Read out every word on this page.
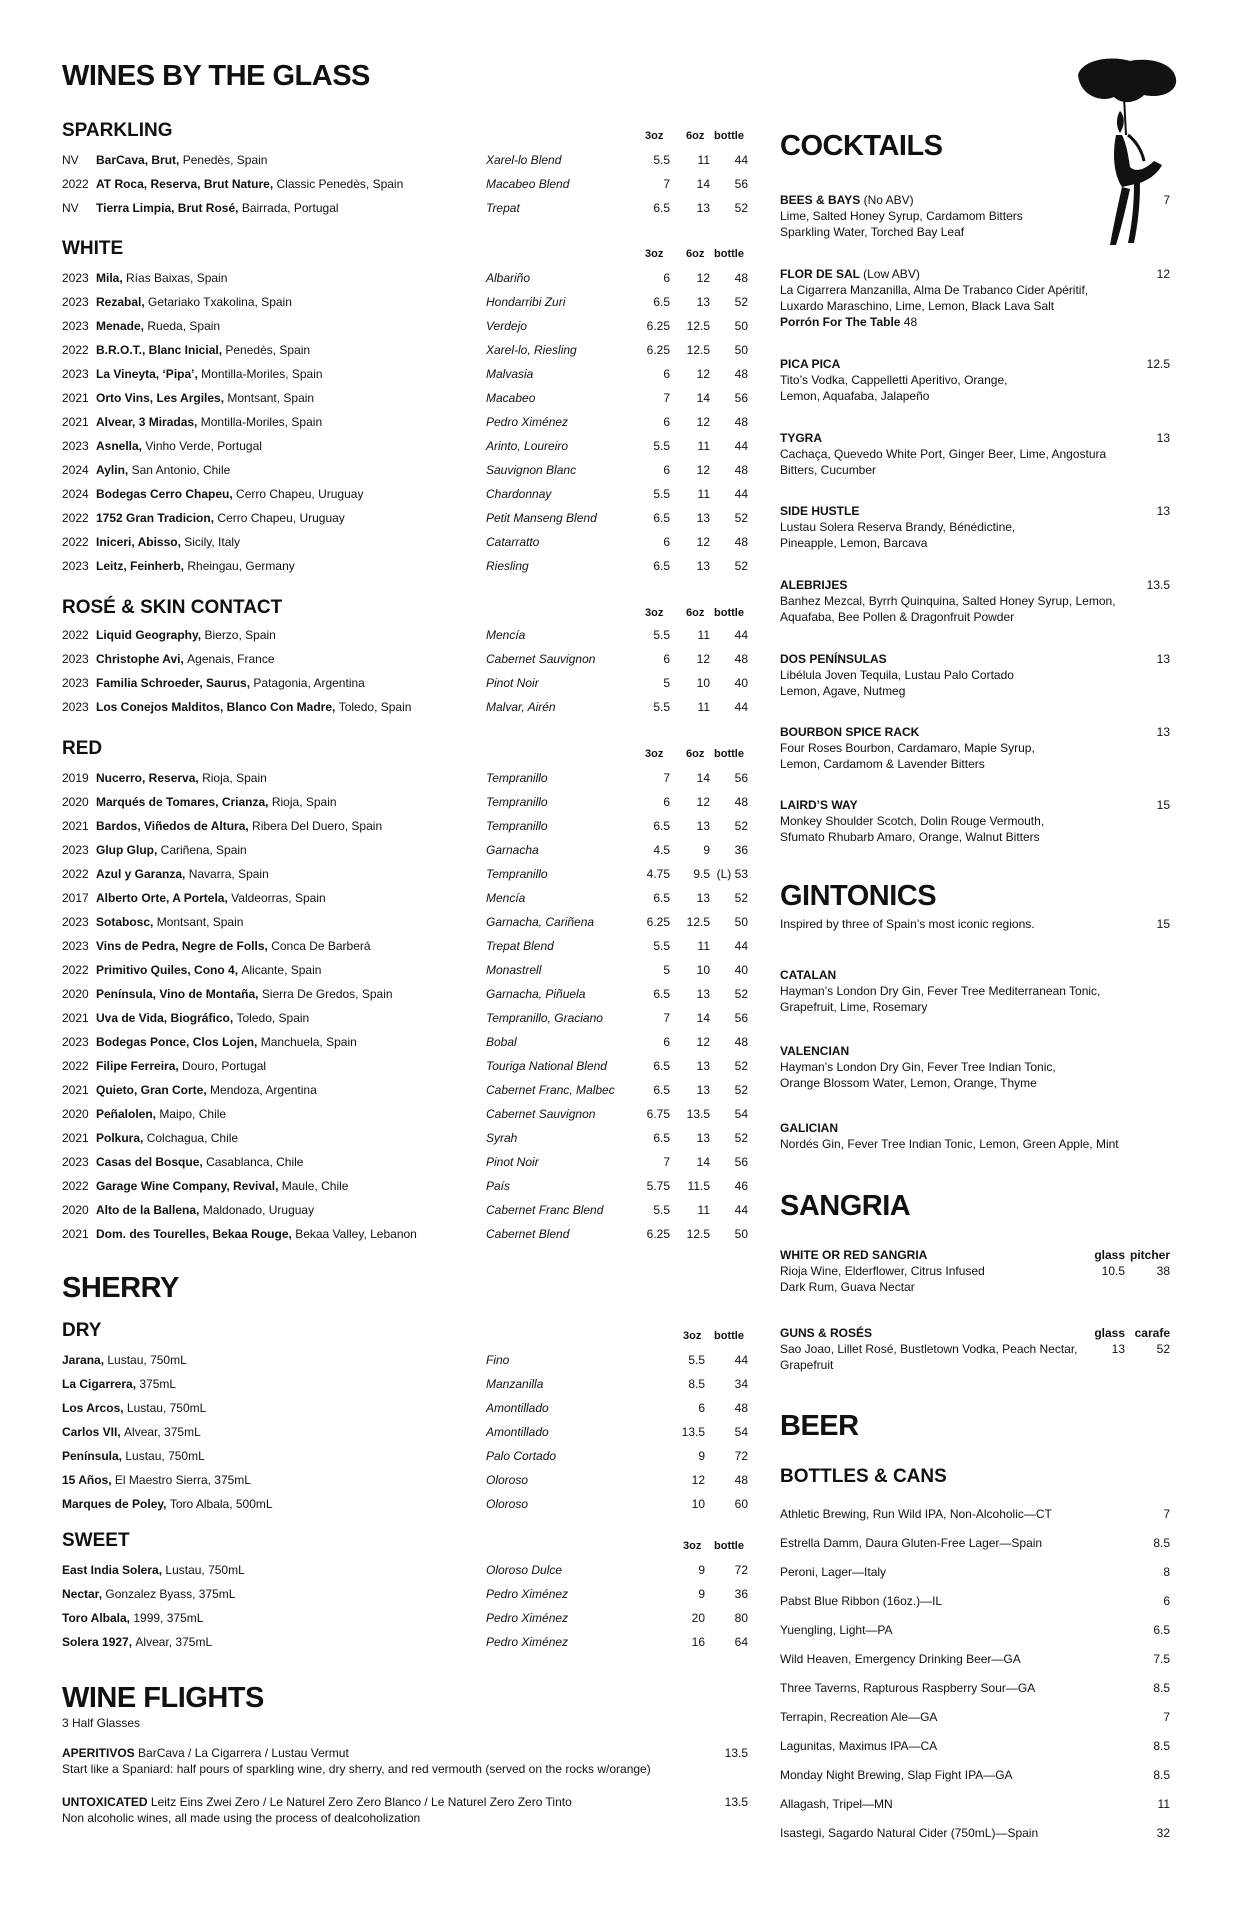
WINES BY THE GLASS
SPARKLING	3oz 6oz bottle
NV BarCava, Brut, Penedès, Spain	Xarel-lo Blend	5.5	11	44
2022 AT Roca, Reserva, Brut Nature, Classic Penedès, Spain	Macabeo Blend	7	14	56
NV Tierra Limpia, Brut Rosé, Bairrada, Portugal	Trepat	6.5	13	52
WHITE	3oz 6oz bottle
2023 Mila, Rías Baixas, Spain	Albariño	6	12	48
2023 Rezabal, Getariako Txakolina, Spain	Hondarribi Zuri	6.5	13	52
2023 Menade, Rueda, Spain	Verdejo	6.25	12.5	50
2022 B.R.O.T., Blanc Inicial, Penedès, Spain	Xarel-lo, Riesling	6.25	12.5	50
2023 La Vineyta, ‘Pipa’, Montilla-Moriles, Spain	Malvasia	6	12	48
2021 Orto Vins, Les Argiles, Montsant, Spain	Macabeo	7	14	56
2021 Alvear, 3 Miradas, Montilla-Moriles, Spain	Pedro Ximénez	6	12	48
2023 Asnella, Vinho Verde, Portugal	Arinto, Loureiro	5.5	11	44
2024 Aylin, San Antonio, Chile	Sauvignon Blanc	6	12	48
2024 Bodegas Cerro Chapeu, Cerro Chapeu, Uruguay	Chardonnay	5.5	11	44
2022 1752 Gran Tradicion, Cerro Chapeu, Uruguay	Petit Manseng Blend	6.5	13	52
2022 Iniceri, Abisso, Sicily, Italy	Catarratto	6	12	48
2023 Leitz, Feinherb, Rheingau, Germany	Riesling	6.5	13	52
ROSÉ & SKIN CONTACT	3oz 6oz bottle
2022 Liquid Geography, Bierzo, Spain	Mencía	5.5	11	44
2023 Christophe Avi, Agenais, France	Cabernet Sauvignon	6	12	48
2023 Familia Schroeder, Saurus, Patagonia, Argentina	Pinot Noir	5	10	40
2023 Los Conejos Malditos, Blanco Con Madre, Toledo, Spain	Malvar, Airén	5.5	11	44
RED	3oz 6oz bottle
2019 Nucerro, Reserva, Rioja, Spain	Tempranillo	7	14	56
2020 Marqués de Tomares, Crianza, Rioja, Spain	Tempranillo	6	12	48
2021 Bardos, Viñedos de Altura, Ribera Del Duero, Spain	Tempranillo	6.5	13	52
2023 Glup Glup, Cariñena, Spain	Garnacha	4.5	9	36
2022 Azul y Garanza, Navarra, Spain	Tempranillo	4.75	9.5 (L) 53
2017 Alberto Orte, A Portela, Valdeorras, Spain	Mencía	6.5	13	52
2023 Sotabosc, Montsant, Spain	Garnacha, Cariñena	6.25	12.5	50
2023 Vins de Pedra, Negre de Folls, Conca De Barberá	Trepat Blend	5.5	11	44
2022 Primitivo Quiles, Cono 4, Alicante, Spain	Monastrell	5	10	40
2020 Península, Vino de Montaña, Sierra De Gredos, Spain	Garnacha, Piñuela	6.5	13	52
2021 Uva de Vida, Biográfico, Toledo, Spain	Tempranillo, Graciano	7	14	56
2023 Bodegas Ponce, Clos Lojen, Manchuela, Spain	Bobal	6	12	48
2022 Filipe Ferreira, Douro, Portugal	Touriga National Blend	6.5	13	52
2021 Quieto, Gran Corte, Mendoza, Argentina	Cabernet Franc, Malbec	6.5	13	52
2020 Peñalolen, Maipo, Chile	Cabernet Sauvignon	6.75	13.5	54
2021 Polkura, Colchagua, Chile	Syrah	6.5	13	52
2023 Casas del Bosque, Casablanca, Chile	Pinot Noir	7	14	56
2022 Garage Wine Company, Revival, Maule, Chile	País	5.75	11.5	46
2020 Alto de la Ballena, Maldonado, Uruguay	Cabernet Franc Blend	5.5	11	44
2021 Dom. des Tourelles, Bekaa Rouge, Bekaa Valley, Lebanon	Cabernet Blend	6.25	12.5	50
SHERRY
DRY	3oz bottle
Jarana, Lustau, 750mL	Fino	5.5	44
La Cigarrera, 375mL	Manzanilla	8.5	34
Los Arcos, Lustau, 750mL	Amontillado	6	48
Carlos VII, Alvear, 375mL	Amontillado	13.5	54
Península, Lustau, 750mL	Palo Cortado	9	72
15 Años, El Maestro Sierra, 375mL	Oloroso	12	48
Marques de Poley, Toro Albala, 500mL	Oloroso	10	60
SWEET	3oz bottle
East India Solera, Lustau, 750mL	Oloroso Dulce	9	72
Nectar, Gonzalez Byass, 375mL	Pedro Ximénez	9	36
Toro Albala, 1999, 375mL	Pedro Ximénez	20	80
Solera 1927, Alvear, 375mL	Pedro Ximénez	16	64
WINE FLIGHTS
3 Half Glasses
APERITIVOS BarCava / La Cigarrera / Lustau Vermut
Start like a Spaniard: half pours of sparkling wine, dry sherry, and red vermouth (served on the rocks w/orange)
13.5
UNTOXICATED Leitz Eins Zwei Zero / Le Naturel Zero Zero Blanco / Le Naturel Zero Zero Tinto
Non alcoholic wines, all made using the process of dealcoholization
13.5
COCKTAILS
BEES & BAYS (No ABV)
Lime, Salted Honey Syrup, Cardamom Bitters
Sparkling Water, Torched Bay Leaf
7
FLOR DE SAL (Low ABV)
La Cigarrera Manzanilla, Alma De Trabanco Cider Apéritif,
Luxardo Maraschino, Lime, Lemon, Black Lava Salt
Porrón For The Table 48
12
PICA PICA
Tito’s Vodka, Cappelletti Aperitivo, Orange,
Lemon, Aquafaba, Jalapeño
12.5
TYGRA
Cachaça, Quevedo White Port, Ginger Beer, Lime, Angostura
Bitters, Cucumber
13
SIDE HUSTLE
Lustau Solera Reserva Brandy, Bénédictine,
Pineapple, Lemon, Barcava
13
ALEBRIJES
Banhez Mezcal, Byrrh Quinquina, Salted Honey Syrup, Lemon,
Aquafaba, Bee Pollen & Dragonfruit Powder
13.5
DOS PENÍNSULAS
Libélula Joven Tequila, Lustau Palo Cortado
Lemon, Agave, Nutmeg
13
BOURBON SPICE RACK
Four Roses Bourbon, Cardamaro, Maple Syrup,
Lemon, Cardamom & Lavender Bitters
13
LAIRD’S WAY
Monkey Shoulder Scotch, Dolin Rouge Vermouth,
Sfumato Rhubarb Amaro, Orange, Walnut Bitters
15
GINTONICS
Inspired by three of Spain’s most iconic regions.	15
CATALAN
Hayman’s London Dry Gin, Fever Tree Mediterranean Tonic,
Grapefruit, Lime, Rosemary
VALENCIAN
Hayman’s London Dry Gin, Fever Tree Indian Tonic,
Orange Blossom Water, Lemon, Orange, Thyme
GALICIAN
Nordés Gin, Fever Tree Indian Tonic, Lemon, Green Apple, Mint
SANGRIA
WHITE OR RED SANGRIA
Rioja Wine, Elderflower, Citrus Infused
Dark Rum, Guava Nectar
glass pitcher
10.5	38
GUNS & ROSÉS
Sao Joao, Lillet Rosé, Bustletown Vodka, Peach Nectar,
Grapefruit
glass carafe
13	52
BEER
BOTTLES & CANS
Athletic Brewing, Run Wild IPA, Non-Alcoholic—CT	7
Estrella Damm, Daura Gluten-Free Lager—Spain	8.5
Peroni, Lager—Italy	8
Pabst Blue Ribbon (16oz.)—IL	6
Yuengling, Light—PA	6.5
Wild Heaven, Emergency Drinking Beer—GA	7.5
Three Taverns, Rapturous Raspberry Sour—GA	8.5
Terrapin, Recreation Ale—GA	7
Lagunitas, Maximus IPA—CA	8.5
Monday Night Brewing, Slap Fight IPA—GA	8.5
Allagash, Tripel—MN	11
Isastegi, Sagardo Natural Cider (750mL)—Spain	32
